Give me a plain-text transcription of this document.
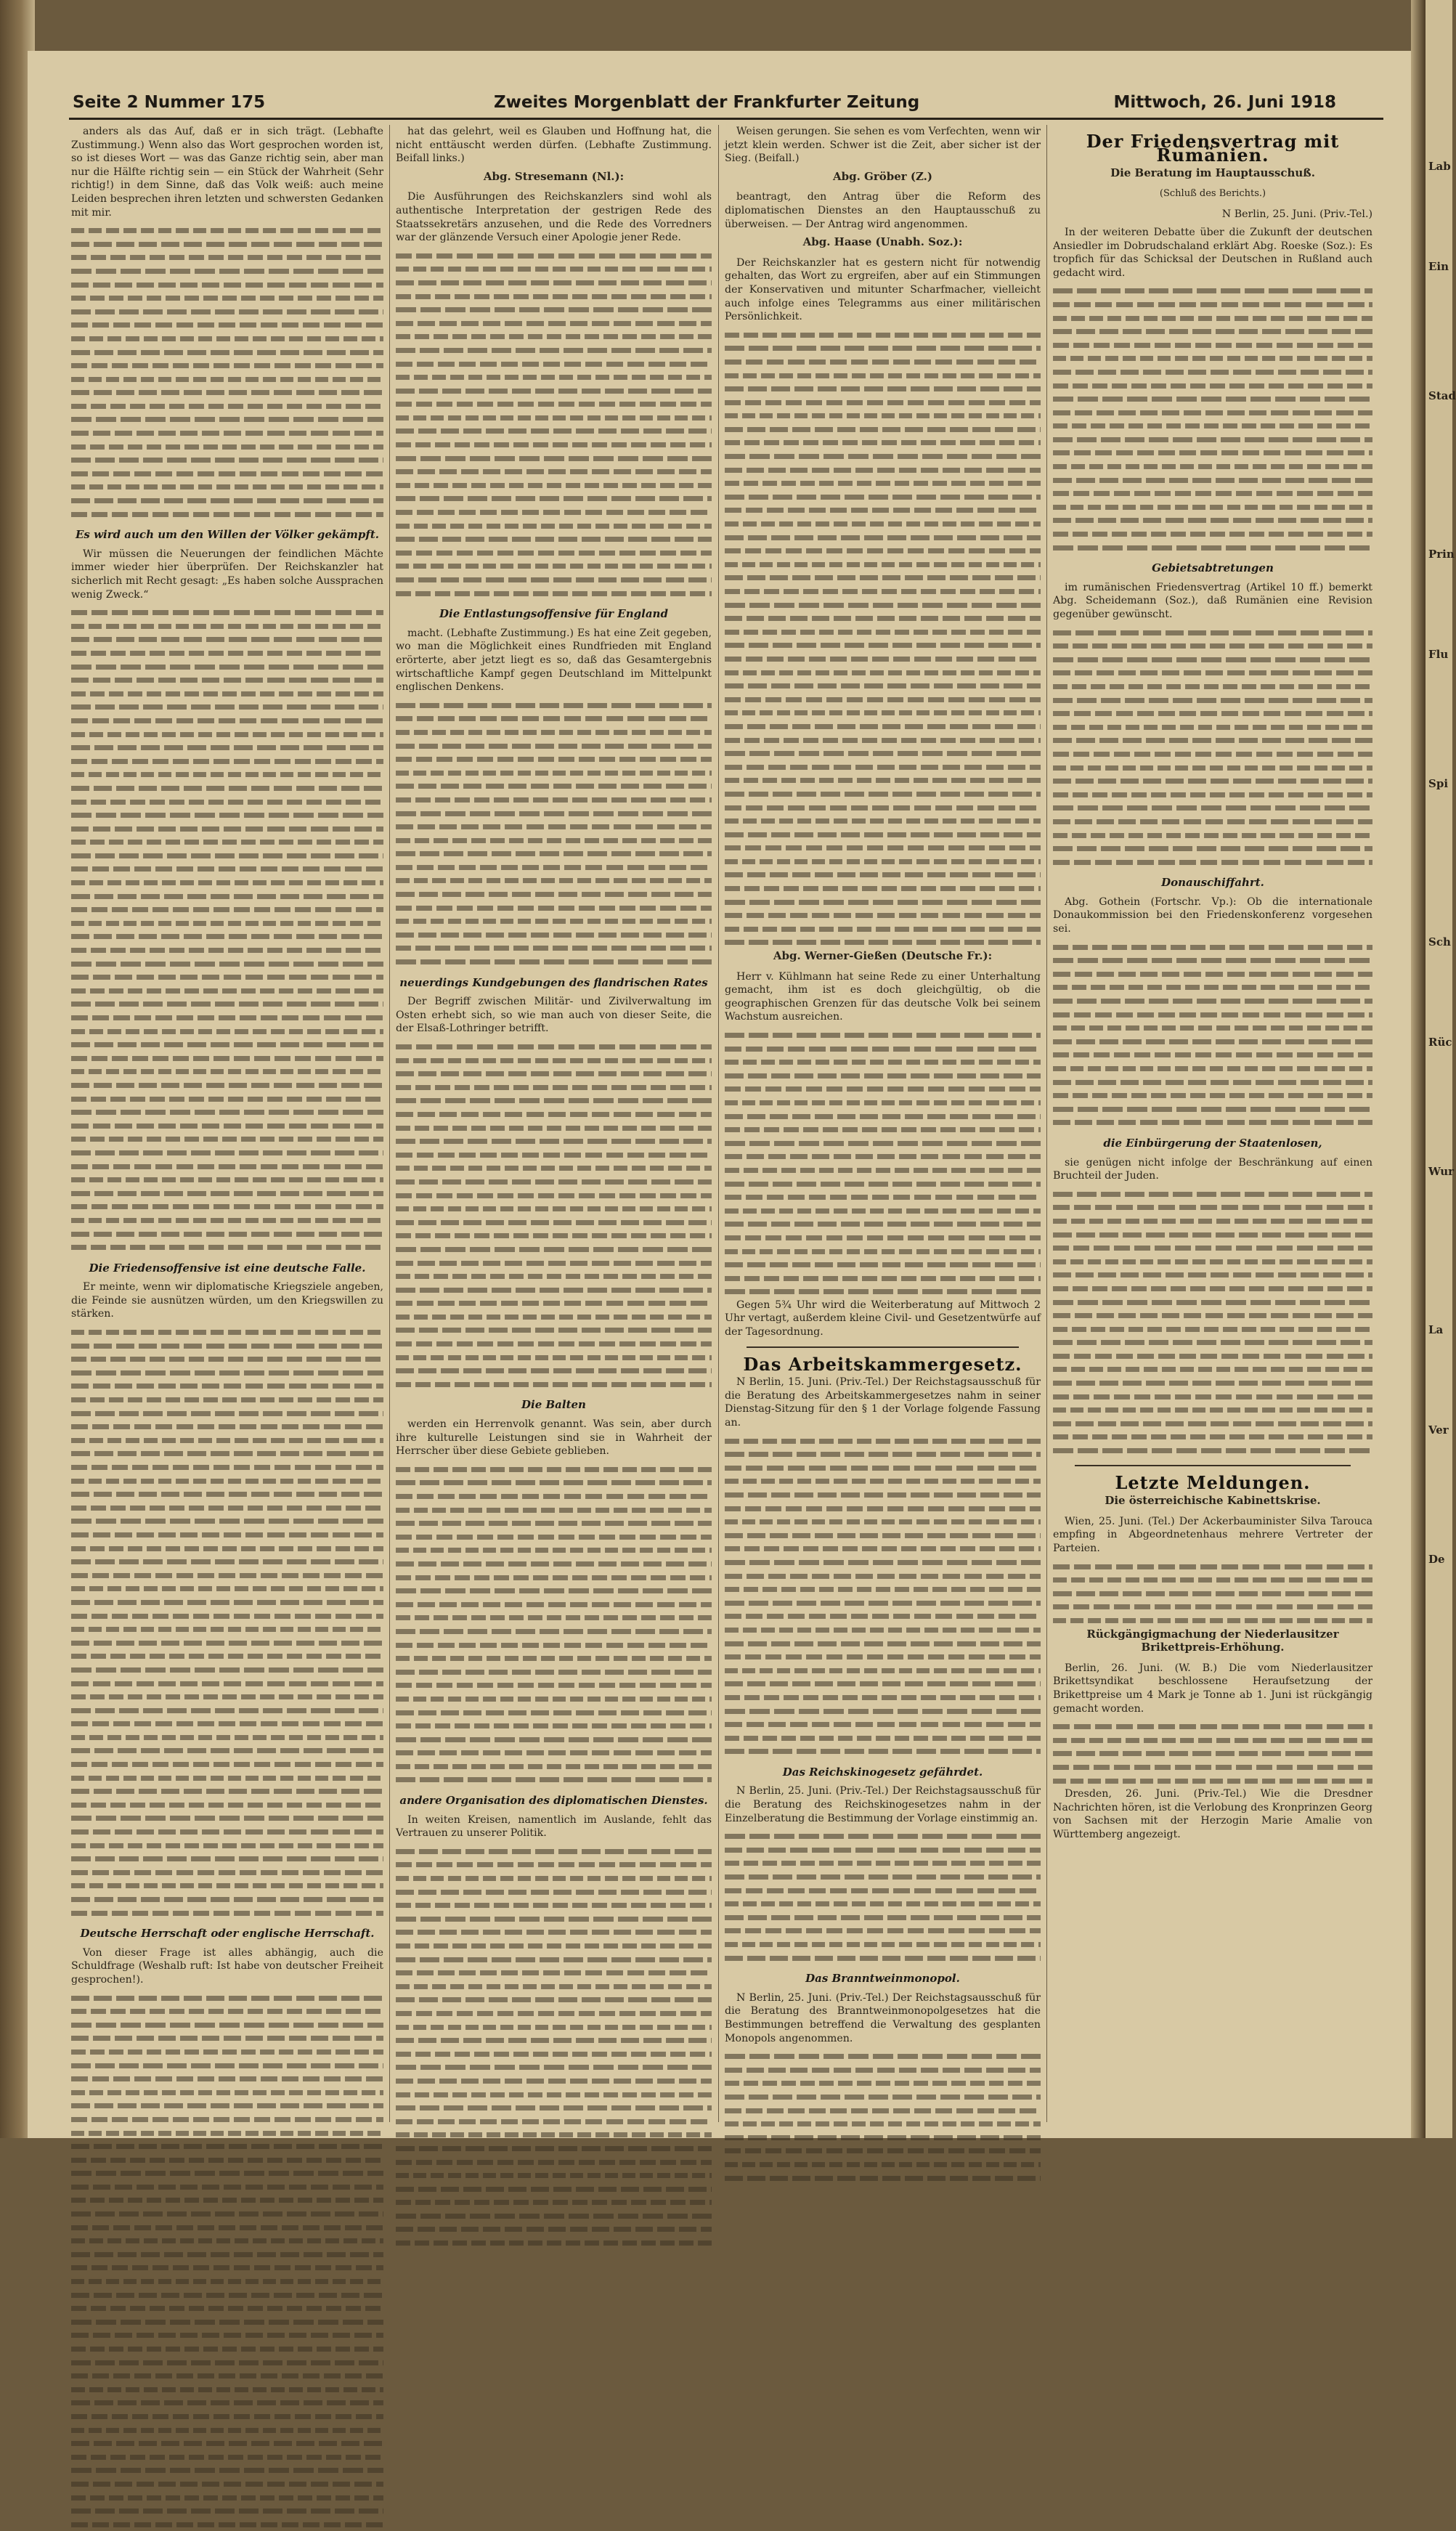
Seite 2 Nummer 175	Zweites Morgenblatt der Frankfurter Zeitung	Mittwoch, 26. Juni 1918

anders als das Auf, daß er in sich trägt. (Lebhafte Zustimmung.) Wenn also das Wort gesprochen worden ist, so ist dieses Wort — was das Ganze richtig sein, aber man nur die Hälfte richtig sein — ein Stück der Wahrheit (Sehr richtig!) in dem Sinne, daß das Volk weiß: auch meine Leiden besprechen ihren letzten und schwersten Gedanken mit mir.

Es wird auch um den Willen der Völker gekämpft.

Wir müssen die Neuerungen der feindlichen Mächte immer wieder hier überprüfen. Der Reichskanzler hat sicherlich mit Recht gesagt: „Es haben solche Aussprachen wenig Zweck.“

Die Friedensoffensive ist eine deutsche Falle.

Er meinte, wenn wir diplomatische Kriegsziele angeben, die Feinde sie ausnützen würden, um den Kriegswillen zu stärken.

Deutsche Herrschaft oder englische Herrschaft.

Von dieser Frage ist alles abhängig, auch die Schuldfrage (Weshalb ruft: Ist habe von deutscher Freiheit gesprochen!).

hat das gelehrt, weil es Glauben und Hoffnung hat, die nicht enttäuscht werden dürfen. (Lebhafte Zustimmung. Beifall links.)

Abg. Stresemann (Nl.):

Die Ausführungen des Reichskanzlers sind wohl als authentische Interpretation der gestrigen Rede des Staatssekretärs anzusehen, und die Rede des Vorredners war der glänzende Versuch einer Apologie jener Rede.

Die Entlastungsoffensive für England

macht. (Lebhafte Zustimmung.) Es hat eine Zeit gegeben, wo man die Möglichkeit eines Rundfrieden mit England erörterte, aber jetzt liegt es so, daß das Gesamtergebnis wirtschaftliche Kampf gegen Deutschland im Mittelpunkt englischen Denkens.

neuerdings Kundgebungen des flandrischen Rates

Der Begriff zwischen Militär- und Zivilverwaltung im Osten erhebt sich, so wie man auch von dieser Seite, die der Elsaß-Lothringer betrifft.

Die Balten

werden ein Herrenvolk genannt. Was sein, aber durch ihre kulturelle Leistungen sind sie in Wahrheit der Herrscher über diese Gebiete geblieben.

andere Organisation des diplomatischen Dienstes.

In weiten Kreisen, namentlich im Auslande, fehlt das Vertrauen zu unserer Politik.

Weisen gerungen. Sie sehen es vom Verfechten, wenn wir jetzt klein werden. Schwer ist die Zeit, aber sicher ist der Sieg. (Beifall.)

Abg. Gröber (Z.)

beantragt, den Antrag über die Reform des diplomatischen Dienstes an den Hauptausschuß zu überweisen. — Der Antrag wird angenommen.

Abg. Haase (Unabh. Soz.):

Der Reichskanzler hat es gestern nicht für notwendig gehalten, das Wort zu ergreifen, aber auf ein Stimmungen der Konservativen und mitunter Scharfmacher, vielleicht auch infolge eines Telegramms aus einer militärischen Persönlichkeit.

Abg. Werner-Gießen (Deutsche Fr.):

Herr v. Kühlmann hat seine Rede zu einer Unterhaltung gemacht, ihm ist es doch gleichgültig, ob die geographischen Grenzen für das deutsche Volk bei seinem Wachstum ausreichen.

Gegen 5¾ Uhr wird die Weiterberatung auf Mittwoch 2 Uhr vertagt, außerdem kleine Civil- und Gesetzentwürfe auf der Tagesordnung.

Das Arbeitskammergesetz.

N Berlin, 15. Juni. (Priv.-Tel.) Der Reichstagsausschuß für die Beratung des Arbeitskammergesetzes nahm in seiner Dienstag-Sitzung für den § 1 der Vorlage folgende Fassung an.

Das Reichskinogesetz gefährdet.

N Berlin, 25. Juni. (Priv.-Tel.) Der Reichstagsausschuß für die Beratung des Reichskinogesetzes nahm in der Einzelberatung die Bestimmung der Vorlage einstimmig an.

Das Branntweinmonopol.

N Berlin, 25. Juni. (Priv.-Tel.) Der Reichstagsausschuß für die Beratung des Branntweinmonopolgesetzes hat die Bestimmungen betreffend die Verwaltung des gesplanten Monopols angenommen.

Der Friedensvertrag mit Rumänien.
Die Beratung im Hauptausschuß.
(Schluß des Berichts.)

N Berlin, 25. Juni. (Priv.-Tel.)

In der weiteren Debatte über die Zukunft der deutschen Ansiedler im Dobrudschaland erklärt Abg. Roeske (Soz.): Es tropfich für das Schicksal der Deutschen in Rußland auch gedacht wird.

Gebietsabtretungen

im rumänischen Friedensvertrag (Artikel 10 ff.) bemerkt Abg. Scheidemann (Soz.), daß Rumänien eine Revision gegenüber gewünscht.

Donauschiffahrt.

Abg. Gothein (Fortschr. Vp.): Ob die internationale Donaukommission bei den Friedenskonferenz vorgesehen sei.

die Einbürgerung der Staatenlosen,

sie genügen nicht infolge der Beschränkung auf einen Bruchteil der Juden.

Letzte Meldungen.
Die österreichische Kabinettskrise.

Wien, 25. Juni. (Tel.) Der Ackerbauminister Silva Tarouca empfing in Abgeordnetenhaus mehrere Vertreter der Parteien.

Rückgängigmachung der Niederlausitzer Brikettpreis-Erhöhung.

Berlin, 26. Juni. (W. B.) Die vom Niederlausitzer Brikettsyndikat beschlossene Heraufsetzung der Brikettpreise um 4 Mark je Tonne ab 1. Juni ist rückgängig gemacht worden.

Dresden, 26. Juni. (Priv.-Tel.) Wie die Dresdner Nachrichten hören, ist die Verlobung des Kronprinzen Georg von Sachsen mit der Herzogin Marie Amalie von Württemberg angezeigt.

Lab
Ein
Stad
Prin
Flu
Spi
Sch
Rüc
Wur
La
Ver
De
